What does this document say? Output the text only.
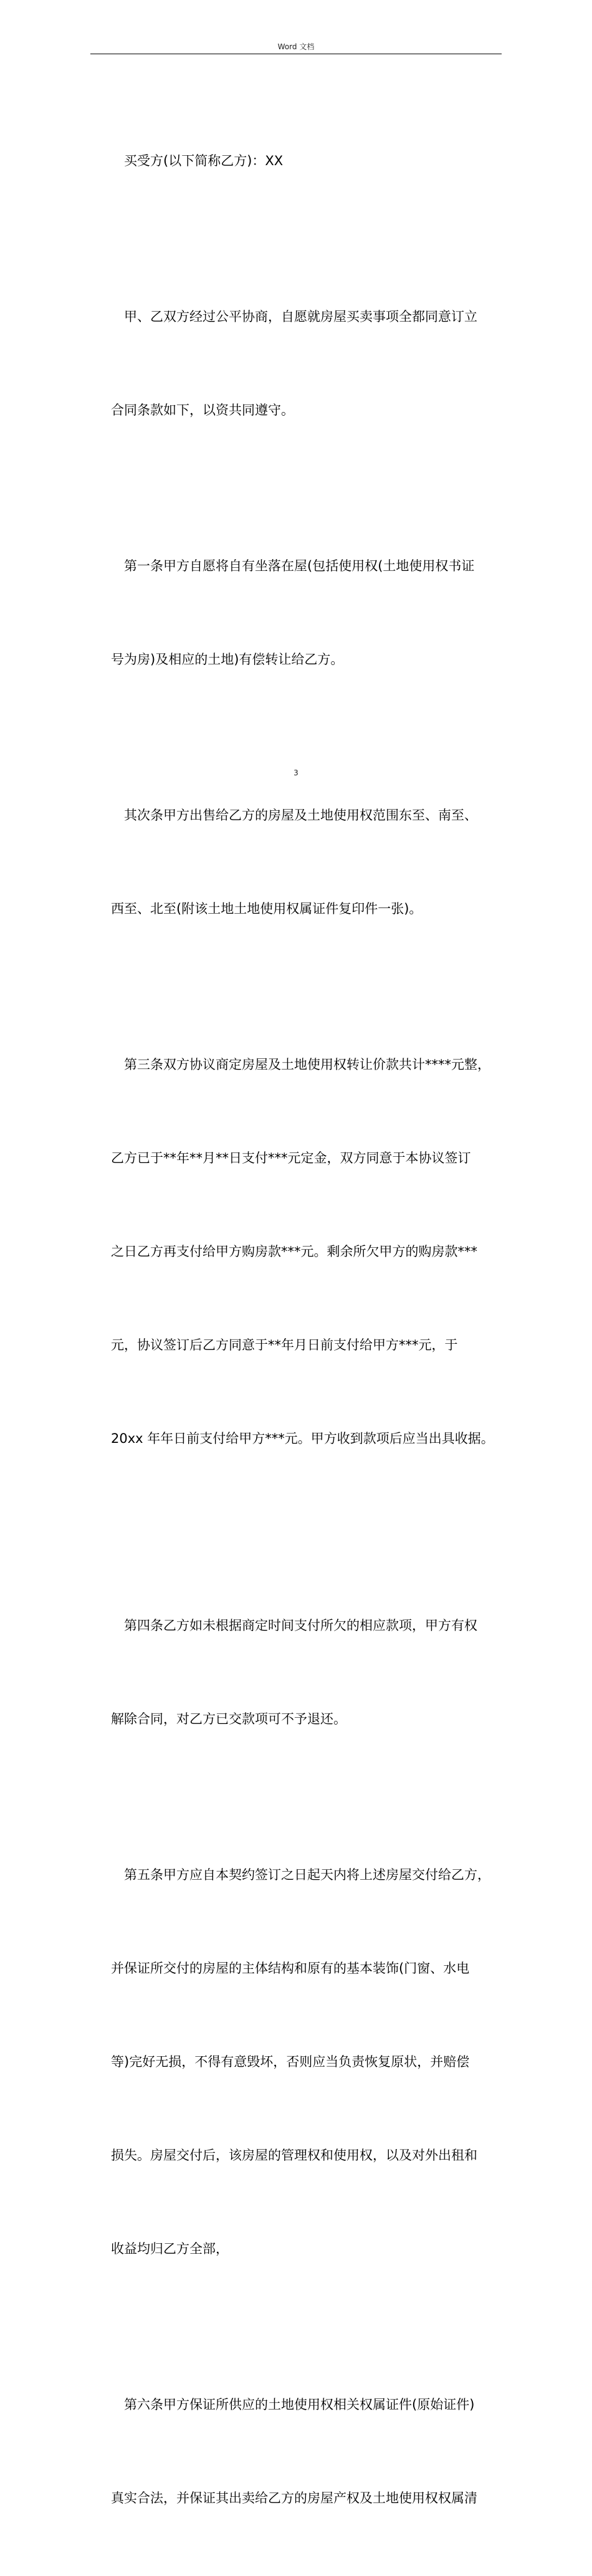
Word 文档

买受方(以下简称乙方)：XX

甲、乙双方经过公平协商，自愿就房屋买卖事项全都同意订立

合同条款如下，以资共同遵守。

第一条甲方自愿将自有坐落在屋(包括使用权(土地使用权书证

号为房)及相应的土地)有偿转让给乙方。

其次条甲方出售给乙方的房屋及土地使用权范围东至、南至、

西至、北至(附该土地土地使用权属证件复印件一张)。

第三条双方协议商定房屋及土地使用权转让价款共计****元整，

乙方已于**年**月**日支付***元定金，双方同意于本协议签订

之日乙方再支付给甲方购房款***元。剩余所欠甲方的购房款***

元，协议签订后乙方同意于**年月日前支付给甲方***元，于

20xx 年年日前支付给甲方***元。甲方收到款项后应当出具收据。

第四条乙方如未根据商定时间支付所欠的相应款项，甲方有权

解除合同，对乙方已交款项可不予退还。

第五条甲方应自本契约签订之日起天内将上述房屋交付给乙方，

并保证所交付的房屋的主体结构和原有的基本装饰(门窗、水电

等)完好无损，不得有意毁坏，否则应当负责恢复原状，并赔偿

损失。房屋交付后，该房屋的管理权和使用权，以及对外出租和

收益均归乙方全部，

第六条甲方保证所供应的土地使用权相关权属证件(原始证件)

真实合法，并保证其出卖给乙方的房屋产权及土地使用权权属清

3
